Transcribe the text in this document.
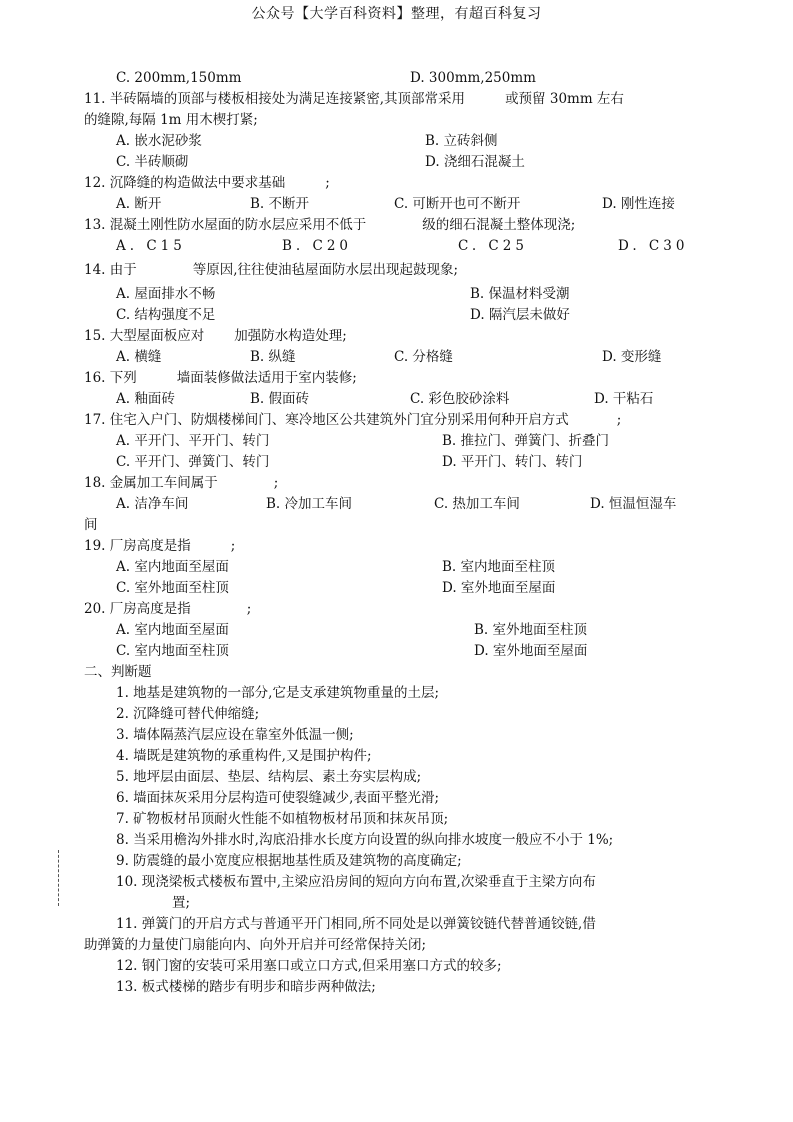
公众号【大学百科资料】整理，有超百科复习
C. 200mm,150mm	D. 300mm,250mm
11. 半砖隔墙的顶部与楼板相接处为满足连接紧密,其顶部常采用	或预留 30mm 左右
的缝隙,每隔 1m 用木楔打紧;
A. 嵌水泥砂浆	B. 立砖斜侧
C. 半砖顺砌	D. 浇细石混凝土
12. 沉降缝的构造做法中要求基础	;
A. 断开	B. 不断开	C. 可断开也可不断开	D. 刚性连接
13. 混凝土刚性防水屋面的防水层应采用不低于	级的细石混凝土整体现浇;
A. C15	B. C20	C. C25	D. C30
14. 由于	等原因,往往使油毡屋面防水层出现起鼓现象;
A. 屋面排水不畅	B. 保温材料受潮
C. 结构强度不足	D. 隔汽层未做好
15. 大型屋面板应对 加强防水构造处理;
A. 横缝	B. 纵缝	C. 分格缝	D. 变形缝
16. 下列	墙面装修做法适用于室内装修;
A. 釉面砖	B. 假面砖	C. 彩色胶砂涂料	D. 干粘石
17. 住宅入户门、防烟楼梯间门、寒冷地区公共建筑外门宜分别采用何种开启方式	;
A. 平开门、平开门、转门	B. 推拉门、弹簧门、折叠门
C. 平开门、弹簧门、转门	D. 平开门、转门、转门
18. 金属加工车间属于	;
A. 洁净车间	B. 冷加工车间	C. 热加工车间	D. 恒温恒湿车
间
19. 厂房高度是指	;
A. 室内地面至屋面	B. 室内地面至柱顶
C. 室外地面至柱顶	D. 室外地面至屋面
20. 厂房高度是指	;
A. 室内地面至屋面	B. 室外地面至柱顶
C. 室内地面至柱顶	D. 室外地面至屋面
二、判断题
1. 地基是建筑物的一部分,它是支承建筑物重量的土层;
2. 沉降缝可替代伸缩缝;
3. 墙体隔蒸汽层应设在靠室外低温一侧;
4. 墙既是建筑物的承重构件,又是围护构件;
5. 地坪层由面层、垫层、结构层、素土夯实层构成;
6. 墙面抹灰采用分层构造可使裂缝减少,表面平整光滑;
7. 矿物板材吊顶耐火性能不如植物板材吊顶和抹灰吊顶;
8. 当采用檐沟外排水时,沟底沿排水长度方向设置的纵向排水坡度一般应不小于 1%;
9. 防震缝的最小宽度应根据地基性质及建筑物的高度确定;
10. 现浇梁板式楼板布置中,主梁应沿房间的短向方向布置,次梁垂直于主梁方向布
置;
11. 弹簧门的开启方式与普通平开门相同,所不同处是以弹簧铰链代替普通铰链,借
助弹簧的力量使门扇能向内、向外开启并可经常保持关闭;
12. 钢门窗的安装可采用塞口或立口方式,但采用塞口方式的较多;
13. 板式楼梯的踏步有明步和暗步两种做法;
